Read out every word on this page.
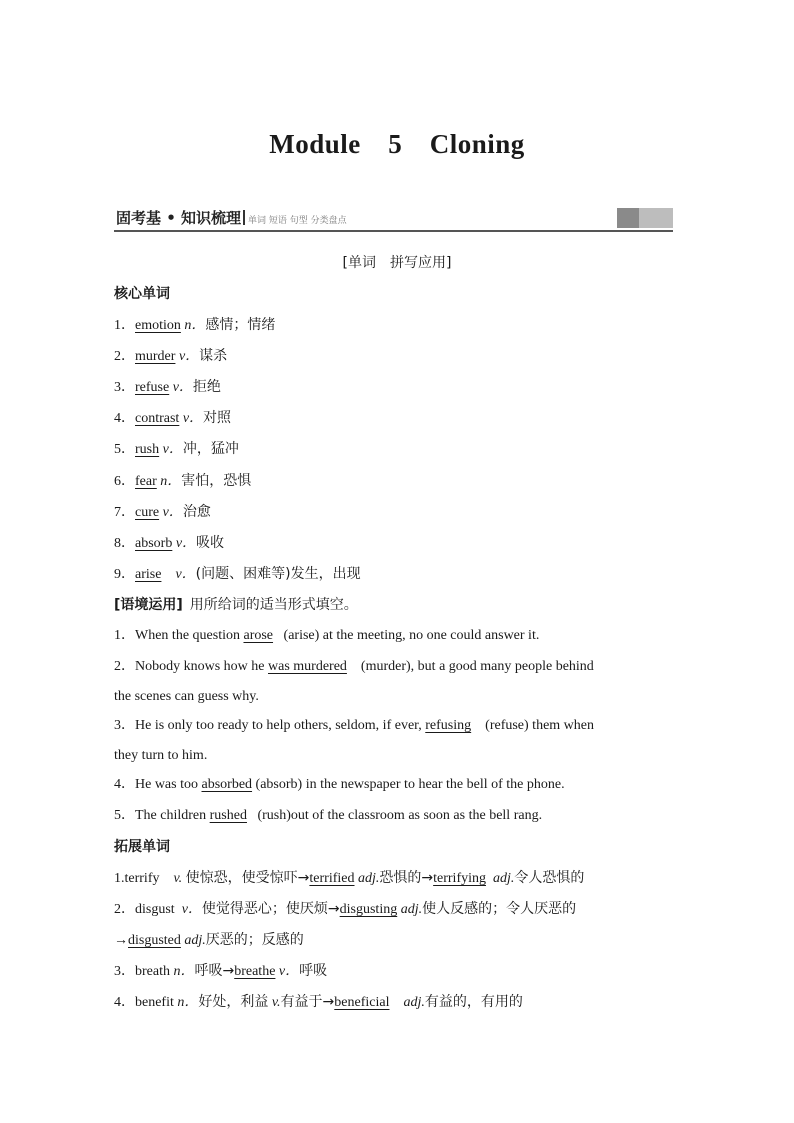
Module　5　Cloning
固考基 • 知识梳理 单词 短语 句型 分类盘点
[单词　拼写应用]
核心单词
1．emotion n．感情；情绪
2．murder v．谋杀
3．refuse v．拒绝
4．contrast v．对照
5．rush v．冲，猛冲
6．fear n．害怕，恐惧
7．cure v．治愈
8．absorb v．吸收
9．arise v．(问题、困难等)发生，出现
[语境运用] 用所给词的适当形式填空。
1．When the question arose   (arise) at the meeting, no one could answer it.
2．Nobody knows how he was murdered    (murder), but a good many people behind
the scenes can guess why.
3．He is only too ready to help others, seldom, if ever, refusing    (refuse) them when
they turn to him.
4．He was too absorbed (absorb) in the newspaper to hear the bell of the phone.
5．The children rushed   (rush)out of the classroom as soon as the bell rang.
拓展单词
1.terrify v. 使惊恐，使受惊吓→terrified adj.恐惧的→terrifying adj.令人恐惧的
2．disgust v．使觉得恶心；使厌烦→disgusting adj.使人反感的；令人厌恶的
→disgusted adj.厌恶的；反感的
3．breath n．呼吸→breathe v．呼吸
4．benefit n．好处，利益 v.有益于→beneficial adj.有益的，有用的
